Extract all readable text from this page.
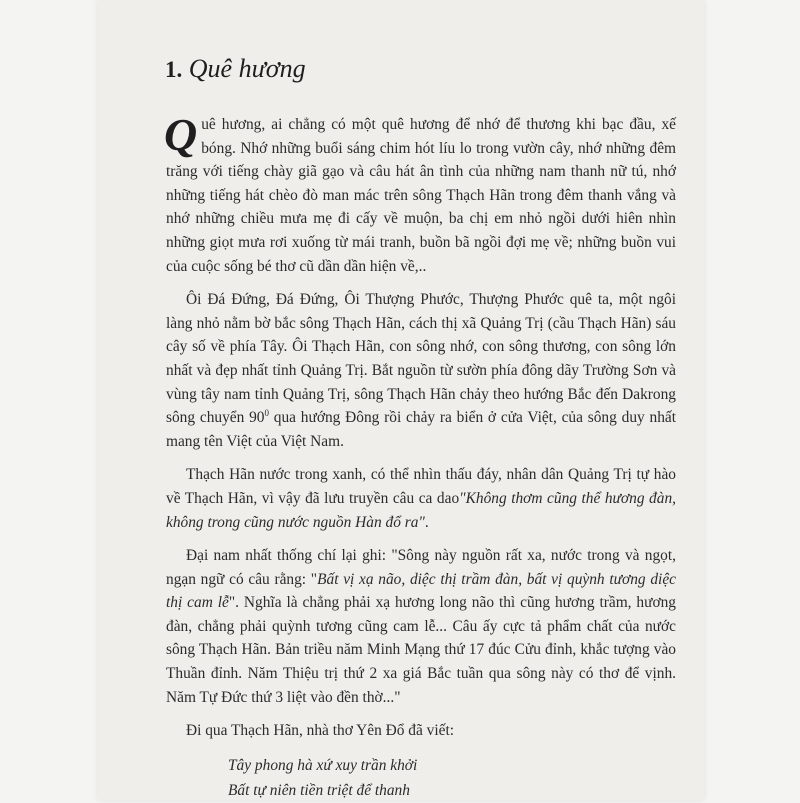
1. Quê hương

Q uê hương, ai chẳng có một quê hương để nhớ để thương khi bạc đầu, xế bóng. Nhớ những buổi sáng chim hót líu lo trong vườn cây, nhớ những đêm trăng với tiếng chày giã gạo và câu hát ân tình của những nam thanh nữ tú, nhớ những tiếng hát chèo đò man mác trên sông Thạch Hãn trong đêm thanh vắng và nhớ những chiều mưa mẹ đi cấy về muộn, ba chị em nhỏ ngồi dưới hiên nhìn những giọt mưa rơi xuống từ mái tranh, buồn bã ngồi đợi mẹ về; những buồn vui của cuộc sống bé thơ cũ dần dần hiện về,..

Ôi Đá Đứng, Đá Đứng, Ôi Thượng Phước, Thượng Phước quê ta, một ngôi làng nhỏ nằm bờ bắc sông Thạch Hãn, cách thị xã Quảng Trị (cầu Thạch Hãn) sáu cây số về phía Tây. Ôi Thạch Hãn, con sông nhớ, con sông thương, con sông lớn nhất và đẹp nhất tỉnh Quảng Trị. Bắt nguồn từ sườn phía đông dãy Trường Sơn và vùng tây nam tỉnh Quảng Trị, sông Thạch Hãn chảy theo hướng Bắc đến Dakrong sông chuyển $90^0$ qua hướng Đông rồi chảy ra biển ở cửa Việt, của sông duy nhất mang tên Việt của Việt Nam.

Thạch Hãn nước trong xanh, có thể nhìn thấu đáy, nhân dân Quảng Trị tự hào về Thạch Hãn, vì vậy đã lưu truyền câu ca dao"Không thơm cũng thể hương đàn, không trong cũng nước nguồn Hàn đổ ra".

Đại nam nhất thống chí lại ghi: "Sông này nguồn rất xa, nước trong và ngọt, ngạn ngữ có câu rằng: "Bất vị xạ não, diệc thị trầm đàn, bất vị quỳnh tương diệc thị cam lễ". Nghĩa là chẳng phải xạ hương long não thì cũng hương trầm, hương đàn, chẳng phải quỳnh tương cũng cam lễ... Câu ấy cực tả phẩm chất của nước sông Thạch Hãn. Bản triều năm Minh Mạng thứ 17 đúc Cửu đỉnh, khắc tượng vào Thuần đỉnh. Năm Thiệu trị thứ 2 xa giá Bắc tuần qua sông này có thơ để vịnh. Năm Tự Đức thứ 3 liệt vào đền thờ..."

Đi qua Thạch Hãn, nhà thơ Yên Đổ đã viết:

Tây phong hà xứ xuy trần khởi
Bất tự niên tiền triệt để thanh
